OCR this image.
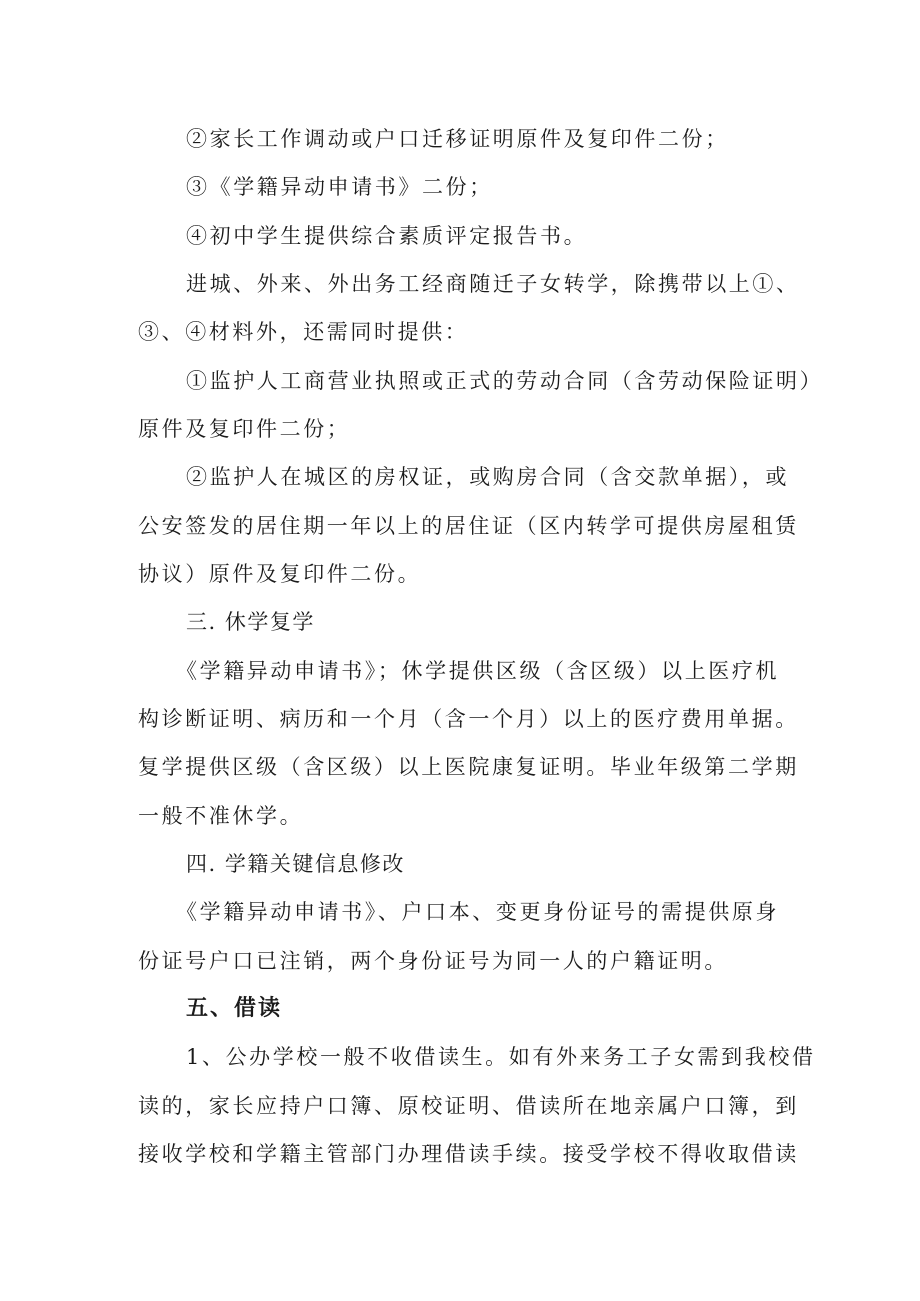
②家长工作调动或户口迁移证明原件及复印件二份；
③《学籍异动申请书》二份；
④初中学生提供综合素质评定报告书。
进城、外来、外出务工经商随迁子女转学，除携带以上①、
③、④材料外，还需同时提供：
①监护人工商营业执照或正式的劳动合同（含劳动保险证明）
原件及复印件二份；
②监护人在城区的房权证，或购房合同（含交款单据），或
公安签发的居住期一年以上的居住证（区内转学可提供房屋租赁
协议）原件及复印件二份。
三. 休学复学
《学籍异动申请书》；休学提供区级（含区级）以上医疗机
构诊断证明、病历和一个月（含一个月）以上的医疗费用单据。
复学提供区级（含区级）以上医院康复证明。毕业年级第二学期
一般不准休学。
四. 学籍关键信息修改
《学籍异动申请书》、户口本、变更身份证号的需提供原身
份证号户口已注销，两个身份证号为同一人的户籍证明。
五、借读
1、公办学校一般不收借读生。如有外来务工子女需到我校借
读的，家长应持户口簿、原校证明、借读所在地亲属户口簿，到
接收学校和学籍主管部门办理借读手续。接受学校不得收取借读
